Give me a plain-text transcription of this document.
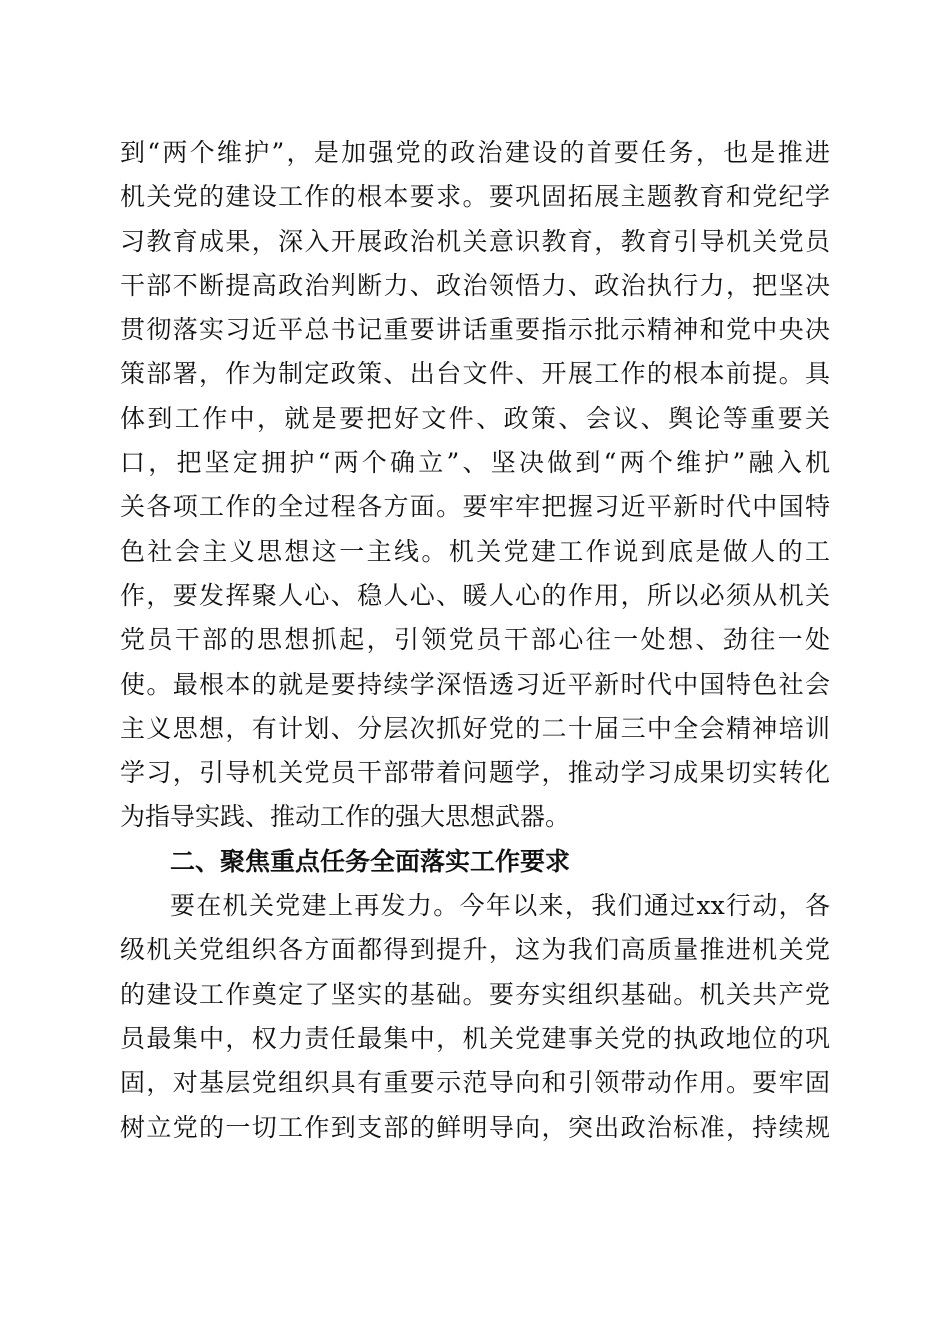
到“两个维护”，是加强党的政治建设的首要任务，也是推进
机关党的建设工作的根本要求。要巩固拓展主题教育和党纪学
习教育成果，深入开展政治机关意识教育，教育引导机关党员
干部不断提高政治判断力、政治领悟力、政治执行力，把坚决
贯彻落实习近平总书记重要讲话重要指示批示精神和党中央决
策部署，作为制定政策、出台文件、开展工作的根本前提。具
体到工作中，就是要把好文件、政策、会议、舆论等重要关
口，把坚定拥护“两个确立”、坚决做到“两个维护”融入机
关各项工作的全过程各方面。要牢牢把握习近平新时代中国特
色社会主义思想这一主线。机关党建工作说到底是做人的工
作，要发挥聚人心、稳人心、暖人心的作用，所以必须从机关
党员干部的思想抓起，引领党员干部心往一处想、劲往一处
使。最根本的就是要持续学深悟透习近平新时代中国特色社会
主义思想，有计划、分层次抓好党的二十届三中全会精神培训
学习，引导机关党员干部带着问题学，推动学习成果切实转化
为指导实践、推动工作的强大思想武器。
二、聚焦重点任务全面落实工作要求
要在机关党建上再发力。今年以来，我们通过xx行动，各
级机关党组织各方面都得到提升，这为我们高质量推进机关党
的建设工作奠定了坚实的基础。要夯实组织基础。机关共产党
员最集中，权力责任最集中，机关党建事关党的执政地位的巩
固，对基层党组织具有重要示范导向和引领带动作用。要牢固
树立党的一切工作到支部的鲜明导向，突出政治标准，持续规
